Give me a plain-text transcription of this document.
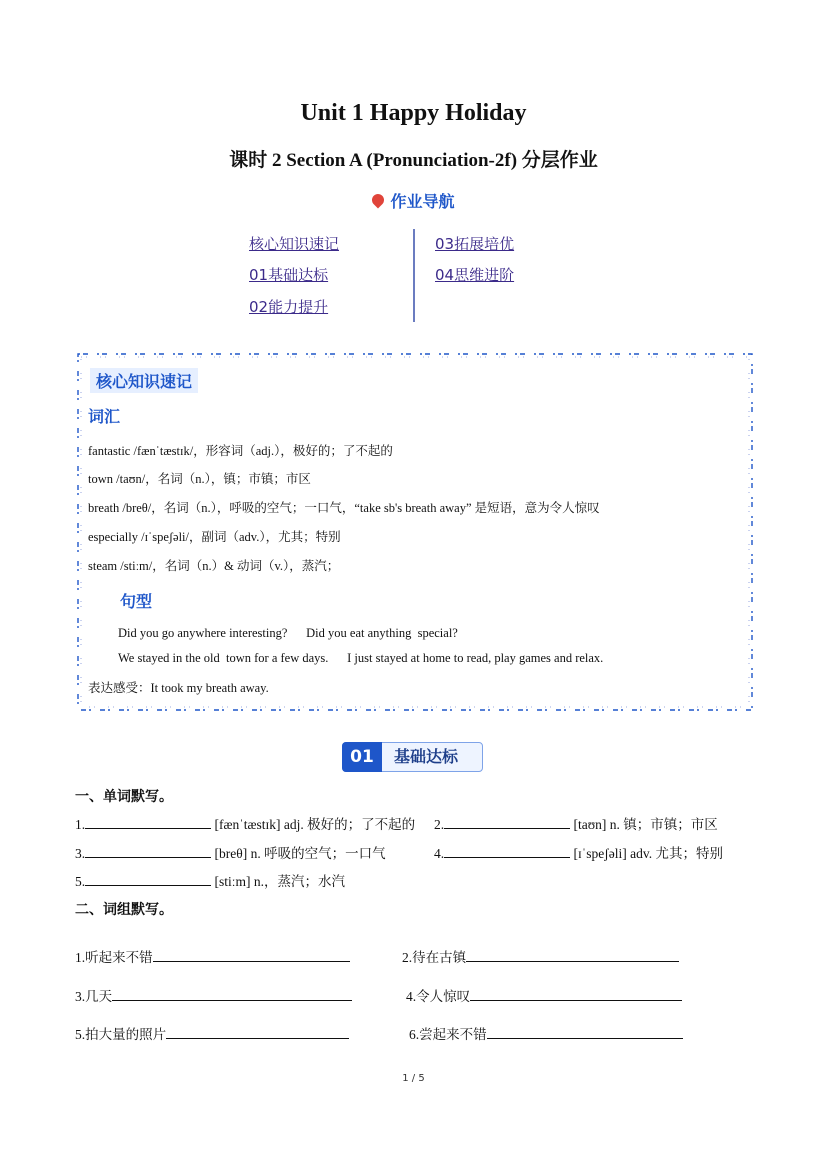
Unit 1 Happy Holiday
课时 2 Section A (Pronunciation-2f) 分层作业
作业导航
核心知识速记
01基础达标
02能力提升
03拓展培优
04思维进阶
核心知识速记
词汇
fantastic /fænˈtæstɪk/，形容词（adj.），极好的；了不起的
town /taʊn/，名词（n.），镇；市镇；市区
breath /breθ/，名词（n.），呼吸的空气；一口气，“take sb's breath away” 是短语，意为令人惊叹
especially /ɪˈspeʃəli/，副词（adv.），尤其；特别
steam /stiːm/，名词（n.）& 动词（v.），蒸汽；
句型
Did you go anywhere interesting?      Did you eat anything  special?
We stayed in the old  town for a few days.      I just stayed at home to read, play games and relax.
表达感受：It took my breath away.
01	基础达标
一、单词默写。
1.	[fænˈtæstɪk] adj. 极好的；了不起的 2.	[taʊn] n. 镇；市镇；市区
3.	[breθ] n. 呼吸的空气；一口气	4.	[ɪˈspeʃəli] adv. 尤其；特别
5.	[stiːm] n.，蒸汽；水汽
二、词组默写。
1.听起来不错	2.待在古镇
3.几天	4.令人惊叹
5.拍大量的照片	6.尝起来不错
1 / 5
